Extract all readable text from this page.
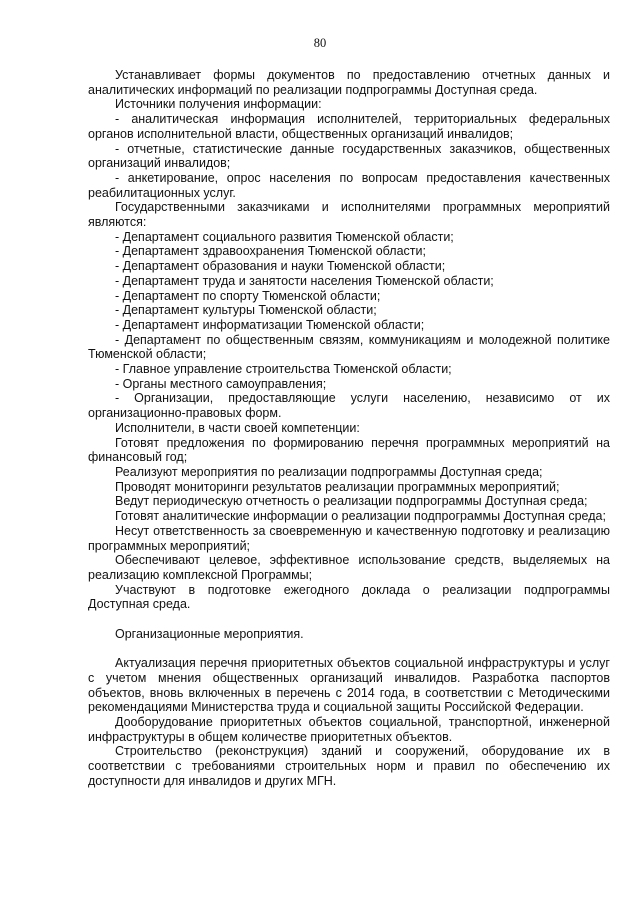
80

Устанавливает формы документов по предоставлению отчетных данных и аналитических информаций по реализации подпрограммы Доступная среда.

Источники получения информации:

- аналитическая информация исполнителей, территориальных федеральных органов исполнительной власти, общественных организаций инвалидов;

- отчетные, статистические данные государственных заказчиков, общественных организаций инвалидов;

- анкетирование, опрос населения по вопросам предоставления качественных реабилитационных услуг.

Государственными заказчиками и исполнителями программных мероприятий являются:

- Департамент социального развития Тюменской области;

- Департамент здравоохранения Тюменской области;

- Департамент образования и науки Тюменской области;

- Департамент труда и занятости населения Тюменской области;

- Департамент по спорту Тюменской области;

- Департамент культуры Тюменской области;

- Департамент информатизации Тюменской области;

- Департамент по общественным связям, коммуникациям и молодежной политике Тюменской области;

- Главное управление строительства Тюменской области;

- Органы местного самоуправления;

- Организации, предоставляющие услуги населению, независимо от их организационно-правовых форм.

Исполнители, в части своей компетенции:

Готовят предложения по формированию перечня программных мероприятий на финансовый год;

Реализуют мероприятия по реализации подпрограммы Доступная среда;

Проводят мониторинги результатов реализации программных мероприятий;

Ведут периодическую отчетность о реализации подпрограммы Доступная среда;

Готовят аналитические информации о реализации подпрограммы Доступная среда;

Несут ответственность за своевременную и качественную подготовку и реализацию программных мероприятий;

Обеспечивают целевое, эффективное использование средств, выделяемых на реализацию комплексной Программы;

Участвуют в подготовке ежегодного доклада о реализации подпрограммы Доступная среда.

Организационные мероприятия.

Актуализация перечня приоритетных объектов социальной инфраструктуры и услуг с учетом мнения общественных организаций инвалидов. Разработка паспортов объектов, вновь включенных в перечень с 2014 года, в соответствии с Методическими рекомендациями Министерства труда и социальной защиты Российской Федерации.

Дооборудование приоритетных объектов социальной, транспортной, инженерной инфраструктуры в общем количестве приоритетных объектов.

Строительство (реконструкция) зданий и сооружений, оборудование их в соответствии с требованиями строительных норм и правил по обеспечению их доступности для инвалидов и других МГН.
